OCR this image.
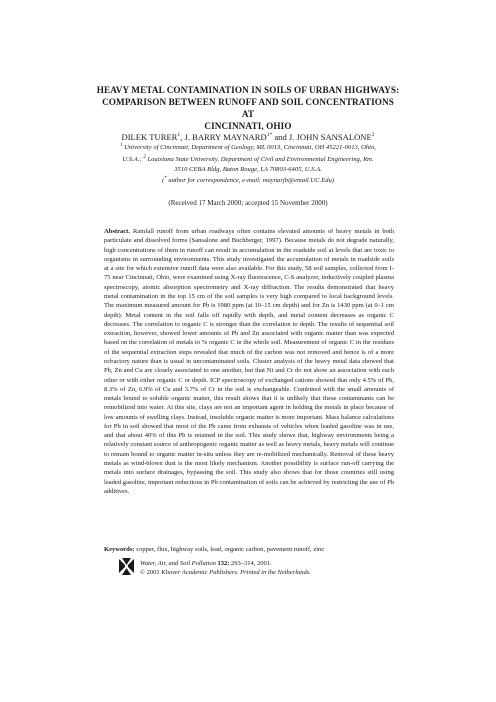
HEAVY METAL CONTAMINATION IN SOILS OF URBAN HIGHWAYS:
COMPARISON BETWEEN RUNOFF AND SOIL CONCENTRATIONS AT
CINCINNATI, OHIO
DILEK TURER$^1$, J. BARRY $MAYNARD^{1*}$ and J. JOHN SANSALONE$^2$
$^1$ University of Cincinnati, Department of Geology, ML 0013, Cincinnati, OH 45221-0013, Ohio,
U.S.A.; $^2$ Louisiana State University, Department of Civil and Environmental Engineering, Rm.
3510 CEBA Bldg, Baton Rouge, LA 70803-6405, U.S.A.
(* author for correspondence, e-mail: maynarjb@email.UC.Edu)
(Received 17 March 2000; accepted 15 November 2000)
Abstract. Rainfall runoff from urban roadways often contains elevated amounts of heavy metals in both particulate and dissolved forms (Sansalone and Buchberger, 1997). Because metals do not degrade naturally, high concentrations of them in runoff can result in accumulation in the roadside soil at levels that are toxic to organisms in surrounding environments. This study investigated the accumulation of metals in roadside soils at a site for which extensive runoff data were also available. For this study, 58 soil samples, collected from I-75 near Cincinnati, Ohio, were examined using X-ray fluorescence, C-S analyzer, inductively coupled plasma spectroscopy, atomic absorption spectrometry and X-ray diffraction. The results demonstrated that heavy metal contamination in the top 15 cm of the soil samples is very high compared to local background levels. The maximum measured amount for Pb is 1980 ppm (at 10–15 cm depth) and for Zn is 1430 ppm (at 0–1 cm depth). Metal content in the soil falls off rapidly with depth, and metal content decreases as organic C decreases. The correlation to organic C is stronger than the correlation to depth. The results of sequential soil extraction, however, showed lower amounts of Pb and Zn associated with organic matter than was expected based on the correlation of metals to % organic C in the whole soil. Measurement of organic C in the residues of the sequential extraction steps revealed that much of the carbon was not removed and hence is of a more refractory nature than is usual in uncontaminated soils. Cluster analysis of the heavy metal data showed that Pb, Zn and Cu are closely associated to one another, but that Ni and Cr do not show an association with each other or with either organic C or depth. ICP spectroscopy of exchanged cations showed that only 4.5% of Pb, 8.3% of Zn, 6.9% of Cu and 3.7% of Cr in the soil is exchangeable. Combined with the small amounts of metals bound to soluble organic matter, this result shows that it is unlikely that these contaminants can be remobilized into water. At this site, clays are not an important agent in holding the metals in place because of low amounts of swelling clays. Instead, insoluble organic matter is more important. Mass balance calculations for Pb in soil showed that most of the Pb came from exhausts of vehicles when leaded gasoline was in use, and that about 40% of this Pb is retained in the soil. This study shows that, highway environments being a relatively constant source of anthropogenic organic matter as well as heavy metals, heavy metals will continue to remain bound to organic matter in-situ unless they are re-mobilized mechanically. Removal of these heavy metals as wind-blown dust is the most likely mechanism. Another possibility is surface run-off carrying the metals into surface drainages, bypassing the soil. This study also shows that for those countries still using leaded gasoline, important reductions in Pb contamination of soils can be achieved by restricting the use of Pb additives.
Keywords: copper, flux, highway soils, lead, organic carbon, pavement runoff, zinc
Water, Air, and Soil Pollution 132: 293–314, 2001.
© 2001 Kluwer Academic Publishers. Printed in the Netherlands.
